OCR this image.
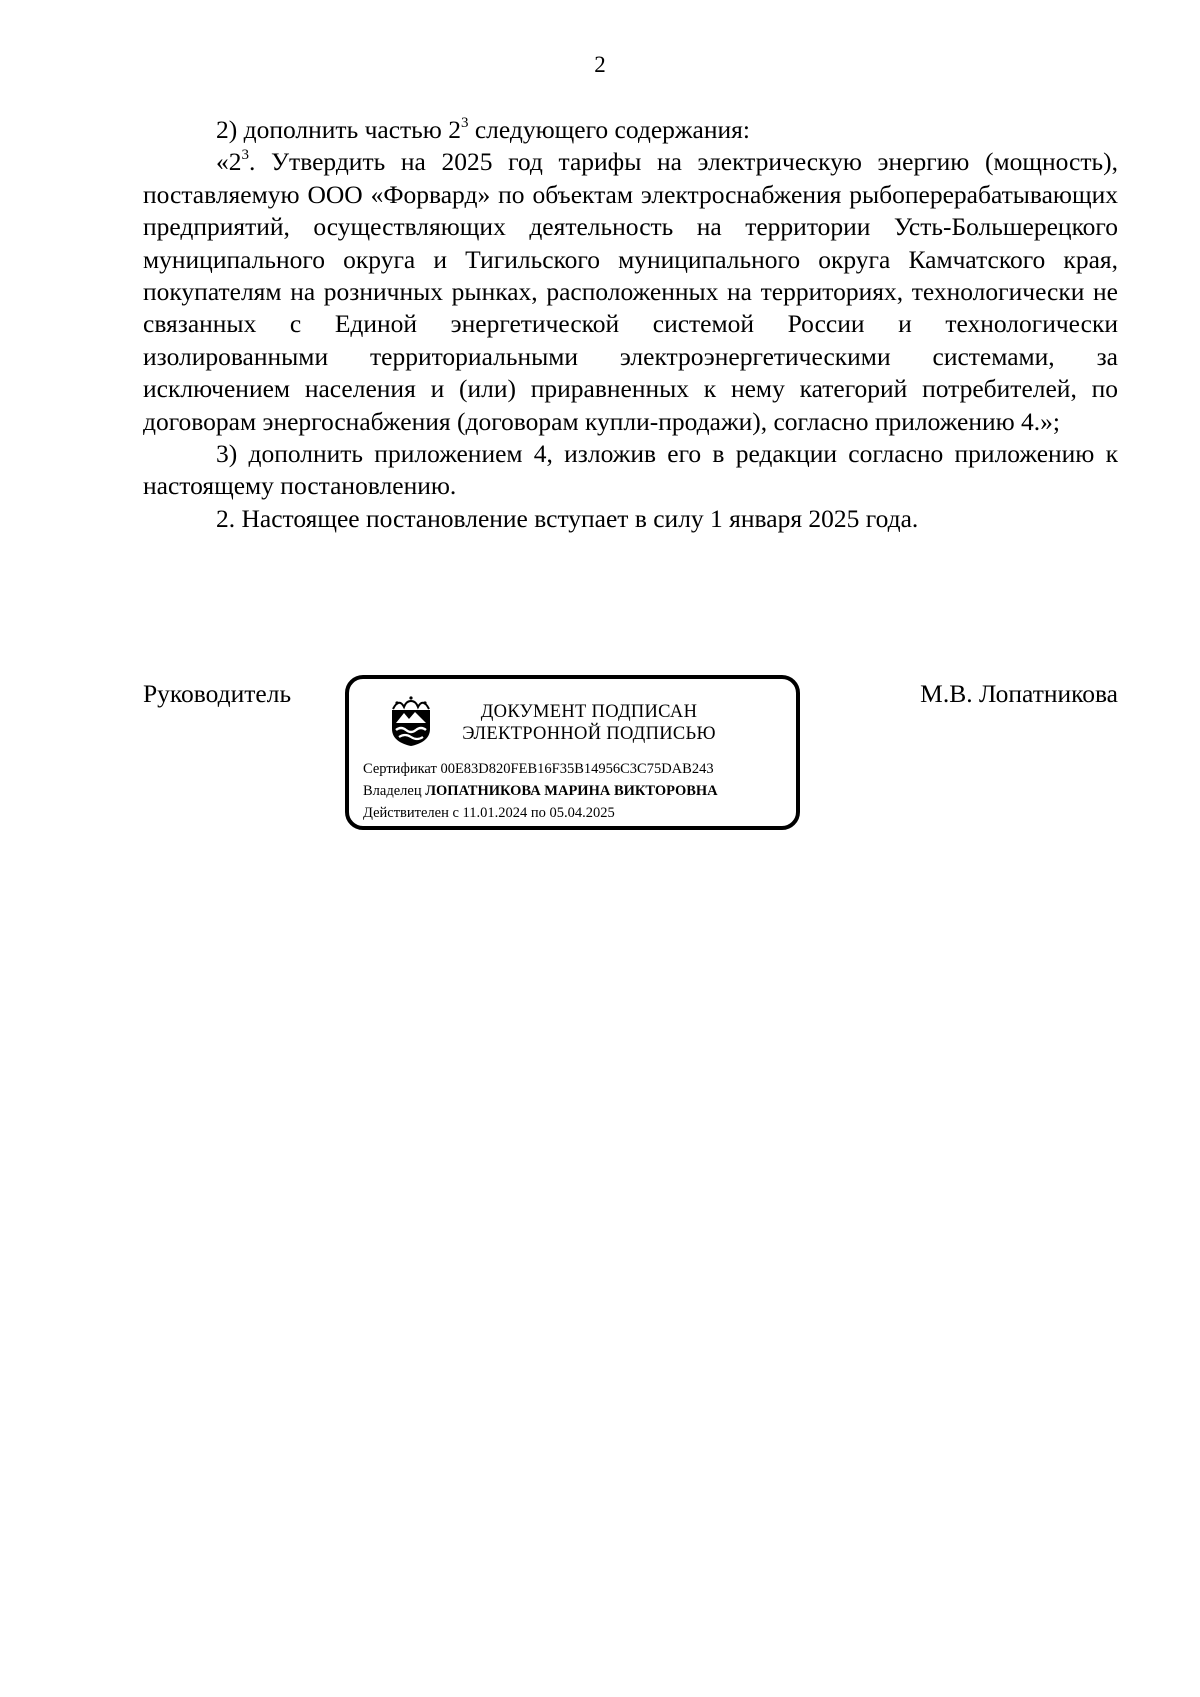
2

2) дополнить частью $2^3$ следующего содержания:

«$2^3$. Утвердить на 2025 год тарифы на электрическую энергию (мощность), поставляемую ООО «Форвард» по объектам электроснабжения рыбоперерабатывающих предприятий, осуществляющих деятельность на территории Усть-Большерецкого муниципального округа и Тигильского муниципального округа Камчатского края, покупателям на розничных рынках, расположенных на территориях, технологически не связанных с Единой энергетической системой России и технологически изолированными территориальными электроэнергетическими системами, за исключением населения и (или) приравненных к нему категорий потребителей, по договорам энергоснабжения (договорам купли-продажи), согласно приложению 4.»;

3) дополнить приложением 4, изложив его в редакции согласно приложению к настоящему постановлению.

2. Настоящее постановление вступает в силу 1 января 2025 года.

Руководитель
ДОКУМЕНТ ПОДПИСАН
ЭЛЕКТРОННОЙ ПОДПИСЬЮ
Сертификат 00E83D820FEB16F35B14956C3C75DAB243
Владелец ЛОПАТНИКОВА МАРИНА ВИКТОРОВНА
Действителен с 11.01.2024 по 05.04.2025
М.В. Лопатникова
